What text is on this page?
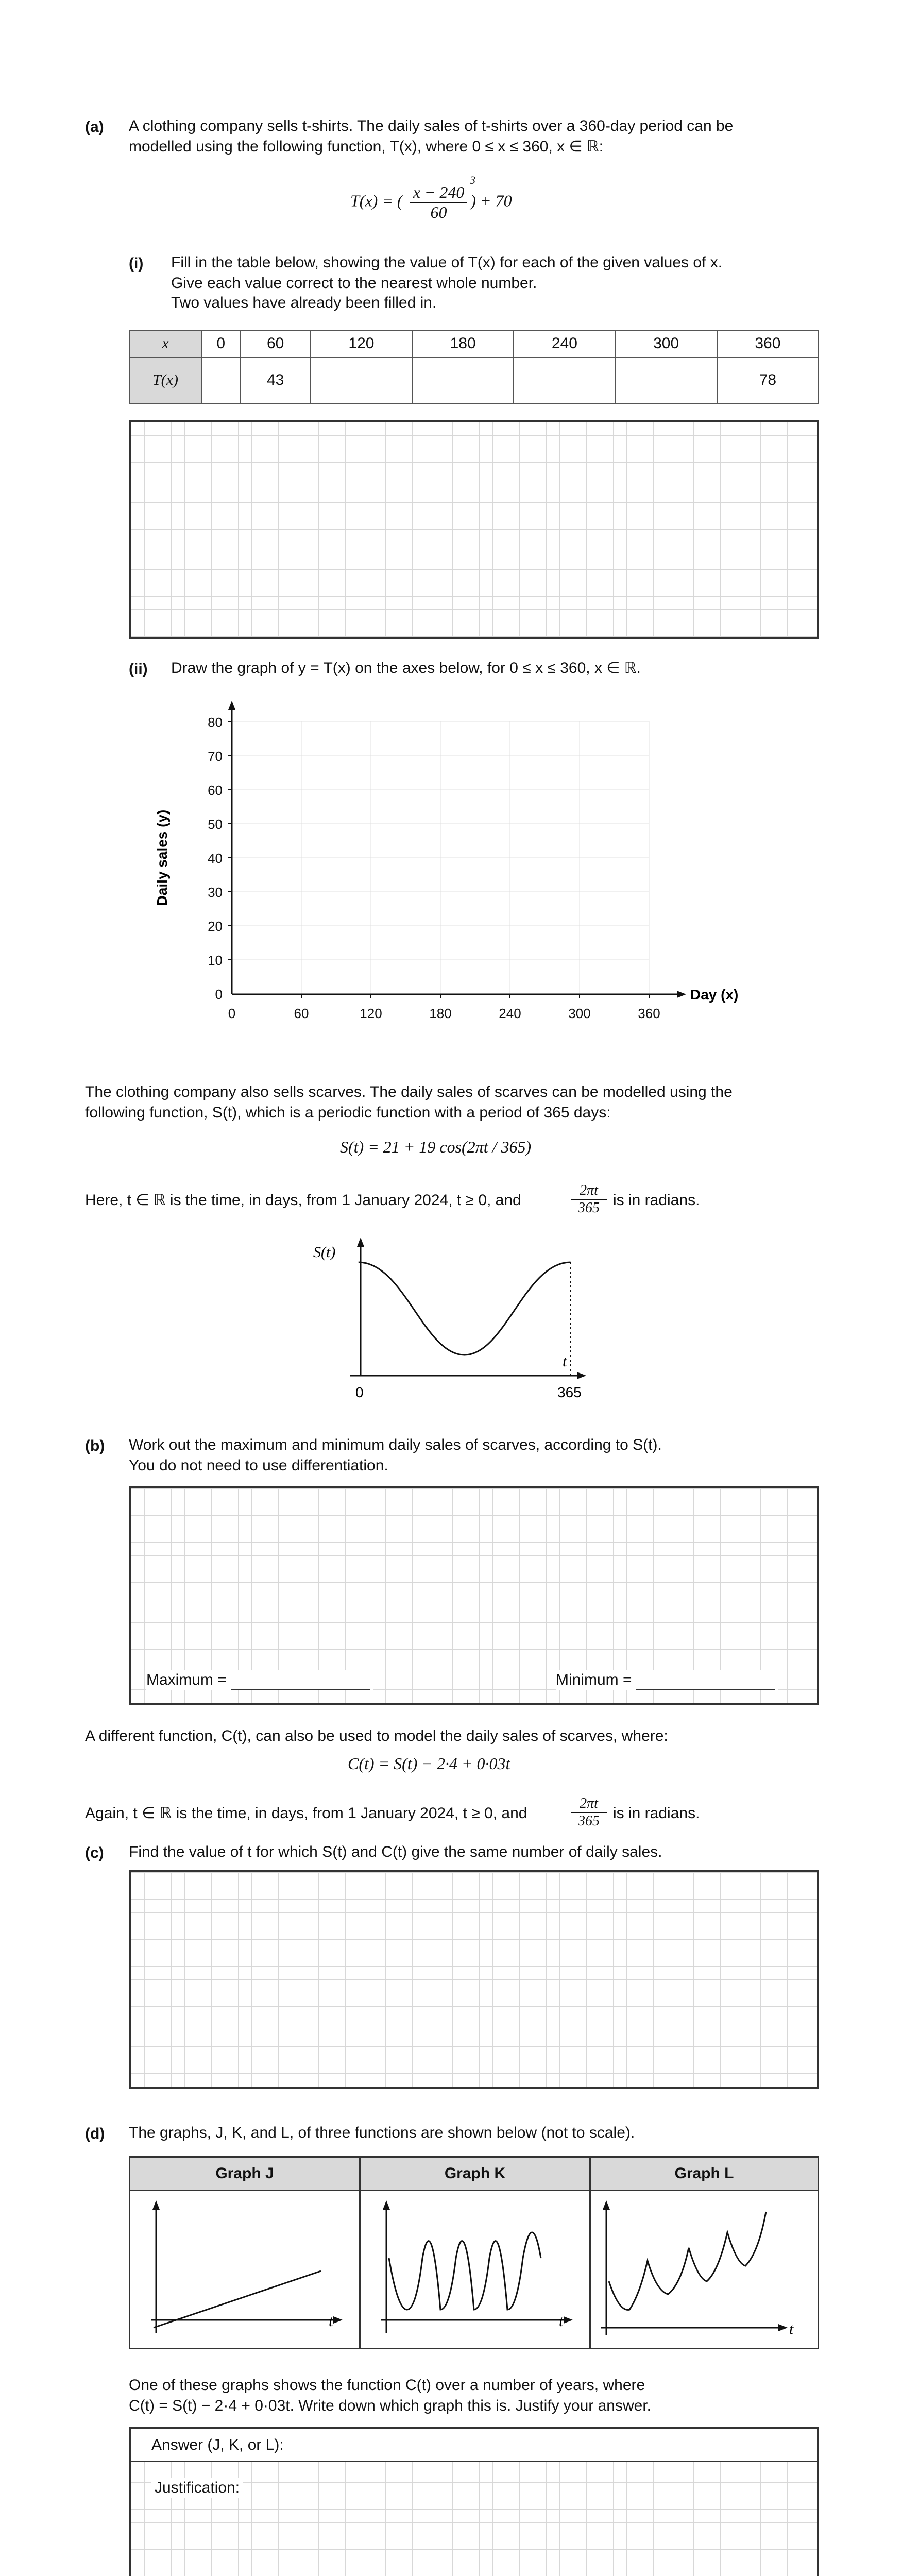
(a) A clothing company sells t-shirts. The daily sales of t-shirts over a 360-day period can be
modelled using the following function, T(x), where 0 ≤ x ≤ 360, x ∈ ℝ:
T(x) = ( $\frac{x - 240}{60}$ ) + 70
3
(i) Fill in the table below, showing the value of T(x) for each of the given values of x.
Give each value correct to the nearest whole number.
Two values have already been filled in.
x	0	60	120	180	240	300	360
T(x)		43					78
(ii) Draw the graph of y = T(x) on the axes below, for 0 ≤ x ≤ 360, x ∈ ℝ.
0
10
20
30
40
50
60
70
80
0	60	120	180	240	300	360
Day (x)
Daily sales (y)
The clothing company also sells scarves. The daily sales of scarves can be modelled using the
following function, S(t), which is a periodic function with a period of 365 days:
S(t) = 21 + 19 cos(2πt / 365)
Here, t ∈ ℝ is the time, in days, from 1 January 2024, t ≥ 0, and	$\frac{2\pi t}{365}$ is in radians.
S(t)
t
0	365
(b) Work out the maximum and minimum daily sales of scarves, according to S(t).
You do not need to use differentiation.
Maximum =	Minimum =
A different function, C(t), can also be used to model the daily sales of scarves, where:
C(t) = S(t) − 2·4 + 0·03t
Again, t ∈ ℝ is the time, in days, from 1 January 2024, t ≥ 0, and	$\frac{2\pi t}{365}$ is in radians.
(c) Find the value of t for which S(t) and C(t) give the same number of daily sales.
(d) The graphs, J, K, and L, of three functions are shown below (not to scale).
Graph J
t
Graph K
t
Graph L
t
One of these graphs shows the function C(t) over a number of years, where
C(t) = S(t) − 2·4 + 0·03t. Write down which graph this is. Justify your answer.
Answer (J, K, or L):
Justification:
